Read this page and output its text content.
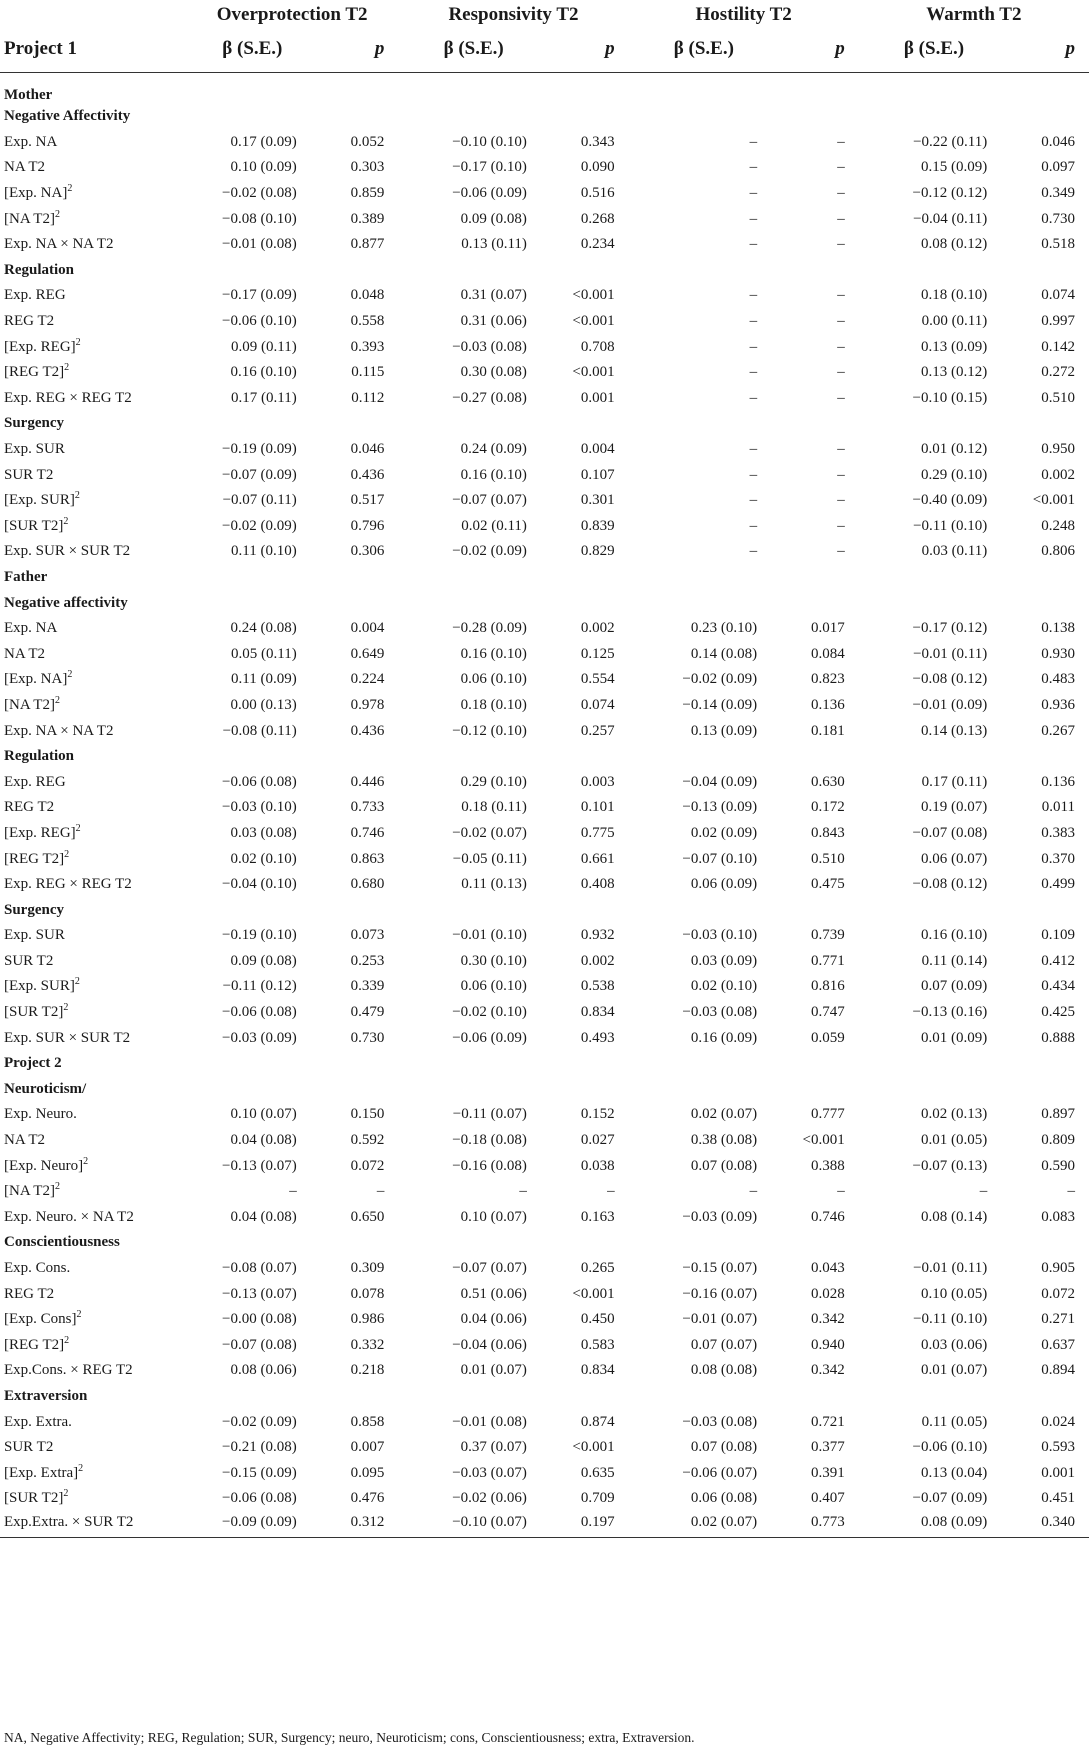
	Overprotection T2		Responsivity T2		Hostility T2		Warmth T2	
Project 1	β (S.E.)	p	β (S.E.)	p	β (S.E.)	p	β (S.E.)	p
Mother								
Negative Affectivity								
Exp. NA	0.17 (0.09)	0.052	−0.10 (0.10)	0.343	–	–	−0.22 (0.11)	0.046
NA T2	0.10 (0.09)	0.303	−0.17 (0.10)	0.090	–	–	0.15 (0.09)	0.097
[Exp. NA]$^2$	−0.02 (0.08)	0.859	−0.06 (0.09)	0.516	–	–	−0.12 (0.12)	0.349
[NA T2]$^2$	−0.08 (0.10)	0.389	0.09 (0.08)	0.268	–	–	−0.04 (0.11)	0.730
Exp. NA × NA T2	−0.01 (0.08)	0.877	0.13 (0.11)	0.234	–	–	0.08 (0.12)	0.518
Regulation								
Exp. REG	−0.17 (0.09)	0.048	0.31 (0.07)	<0.001	–	–	0.18 (0.10)	0.074
REG T2	−0.06 (0.10)	0.558	0.31 (0.06)	<0.001	–	–	0.00 (0.11)	0.997
[Exp. REG]$^2$	0.09 (0.11)	0.393	−0.03 (0.08)	0.708	–	–	0.13 (0.09)	0.142
[REG T2]$^2$	0.16 (0.10)	0.115	0.30 (0.08)	<0.001	–	–	0.13 (0.12)	0.272
Exp. REG × REG T2	0.17 (0.11)	0.112	−0.27 (0.08)	0.001	–	–	−0.10 (0.15)	0.510
Surgency								
Exp. SUR	−0.19 (0.09)	0.046	0.24 (0.09)	0.004	–	–	0.01 (0.12)	0.950
SUR T2	−0.07 (0.09)	0.436	0.16 (0.10)	0.107	–	–	0.29 (0.10)	0.002
[Exp. SUR]$^2$	−0.07 (0.11)	0.517	−0.07 (0.07)	0.301	–	–	−0.40 (0.09)	<0.001
[SUR T2]$^2$	−0.02 (0.09)	0.796	0.02 (0.11)	0.839	–	–	−0.11 (0.10)	0.248
Exp. SUR × SUR T2	0.11 (0.10)	0.306	−0.02 (0.09)	0.829	–	–	0.03 (0.11)	0.806
Father								
Negative affectivity								
Exp. NA	0.24 (0.08)	0.004	−0.28 (0.09)	0.002	0.23 (0.10)	0.017	−0.17 (0.12)	0.138
NA T2	0.05 (0.11)	0.649	0.16 (0.10)	0.125	0.14 (0.08)	0.084	−0.01 (0.11)	0.930
[Exp. NA]$^2$	0.11 (0.09)	0.224	0.06 (0.10)	0.554	−0.02 (0.09)	0.823	−0.08 (0.12)	0.483
[NA T2]$^2$	0.00 (0.13)	0.978	0.18 (0.10)	0.074	−0.14 (0.09)	0.136	−0.01 (0.09)	0.936
Exp. NA × NA T2	−0.08 (0.11)	0.436	−0.12 (0.10)	0.257	0.13 (0.09)	0.181	0.14 (0.13)	0.267
Regulation								
Exp. REG	−0.06 (0.08)	0.446	0.29 (0.10)	0.003	−0.04 (0.09)	0.630	0.17 (0.11)	0.136
REG T2	−0.03 (0.10)	0.733	0.18 (0.11)	0.101	−0.13 (0.09)	0.172	0.19 (0.07)	0.011
[Exp. REG]$^2$	0.03 (0.08)	0.746	−0.02 (0.07)	0.775	0.02 (0.09)	0.843	−0.07 (0.08)	0.383
[REG T2]$^2$	0.02 (0.10)	0.863	−0.05 (0.11)	0.661	−0.07 (0.10)	0.510	0.06 (0.07)	0.370
Exp. REG × REG T2	−0.04 (0.10)	0.680	0.11 (0.13)	0.408	0.06 (0.09)	0.475	−0.08 (0.12)	0.499
Surgency								
Exp. SUR	−0.19 (0.10)	0.073	−0.01 (0.10)	0.932	−0.03 (0.10)	0.739	0.16 (0.10)	0.109
SUR T2	0.09 (0.08)	0.253	0.30 (0.10)	0.002	0.03 (0.09)	0.771	0.11 (0.14)	0.412
[Exp. SUR]$^2$	−0.11 (0.12)	0.339	0.06 (0.10)	0.538	0.02 (0.10)	0.816	0.07 (0.09)	0.434
[SUR T2]$^2$	−0.06 (0.08)	0.479	−0.02 (0.10)	0.834	−0.03 (0.08)	0.747	−0.13 (0.16)	0.425
Exp. SUR × SUR T2	−0.03 (0.09)	0.730	−0.06 (0.09)	0.493	0.16 (0.09)	0.059	0.01 (0.09)	0.888
Project 2								
Neuroticism/								
Exp. Neuro.	0.10 (0.07)	0.150	−0.11 (0.07)	0.152	0.02 (0.07)	0.777	0.02 (0.13)	0.897
NA T2	0.04 (0.08)	0.592	−0.18 (0.08)	0.027	0.38 (0.08)	<0.001	0.01 (0.05)	0.809
[Exp. Neuro]$^2$	−0.13 (0.07)	0.072	−0.16 (0.08)	0.038	0.07 (0.08)	0.388	−0.07 (0.13)	0.590
[NA T2]$^2$	–	–	–	–	–	–	–	–
Exp. Neuro. × NA T2	0.04 (0.08)	0.650	0.10 (0.07)	0.163	−0.03 (0.09)	0.746	0.08 (0.14)	0.083
Conscientiousness								
Exp. Cons.	−0.08 (0.07)	0.309	−0.07 (0.07)	0.265	−0.15 (0.07)	0.043	−0.01 (0.11)	0.905
REG T2	−0.13 (0.07)	0.078	0.51 (0.06)	<0.001	−0.16 (0.07)	0.028	0.10 (0.05)	0.072
[Exp. Cons]$^2$	−0.00 (0.08)	0.986	0.04 (0.06)	0.450	−0.01 (0.07)	0.342	−0.11 (0.10)	0.271
[REG T2]$^2$	−0.07 (0.08)	0.332	−0.04 (0.06)	0.583	0.07 (0.07)	0.940	0.03 (0.06)	0.637
Exp.Cons. × REG T2	0.08 (0.06)	0.218	0.01 (0.07)	0.834	0.08 (0.08)	0.342	0.01 (0.07)	0.894
Extraversion								
Exp. Extra.	−0.02 (0.09)	0.858	−0.01 (0.08)	0.874	−0.03 (0.08)	0.721	0.11 (0.05)	0.024
SUR T2	−0.21 (0.08)	0.007	0.37 (0.07)	<0.001	0.07 (0.08)	0.377	−0.06 (0.10)	0.593
[Exp. Extra]$^2$	−0.15 (0.09)	0.095	−0.03 (0.07)	0.635	−0.06 (0.07)	0.391	0.13 (0.04)	0.001
[SUR T2]$^2$	−0.06 (0.08)	0.476	−0.02 (0.06)	0.709	0.06 (0.08)	0.407	−0.07 (0.09)	0.451
Exp.Extra. × SUR T2	−0.09 (0.09)	0.312	−0.10 (0.07)	0.197	0.02 (0.07)	0.773	0.08 (0.09)	0.340
NA, Negative Affectivity; REG, Regulation; SUR, Surgency; neuro, Neuroticism; cons, Conscientiousness; extra, Extraversion.
